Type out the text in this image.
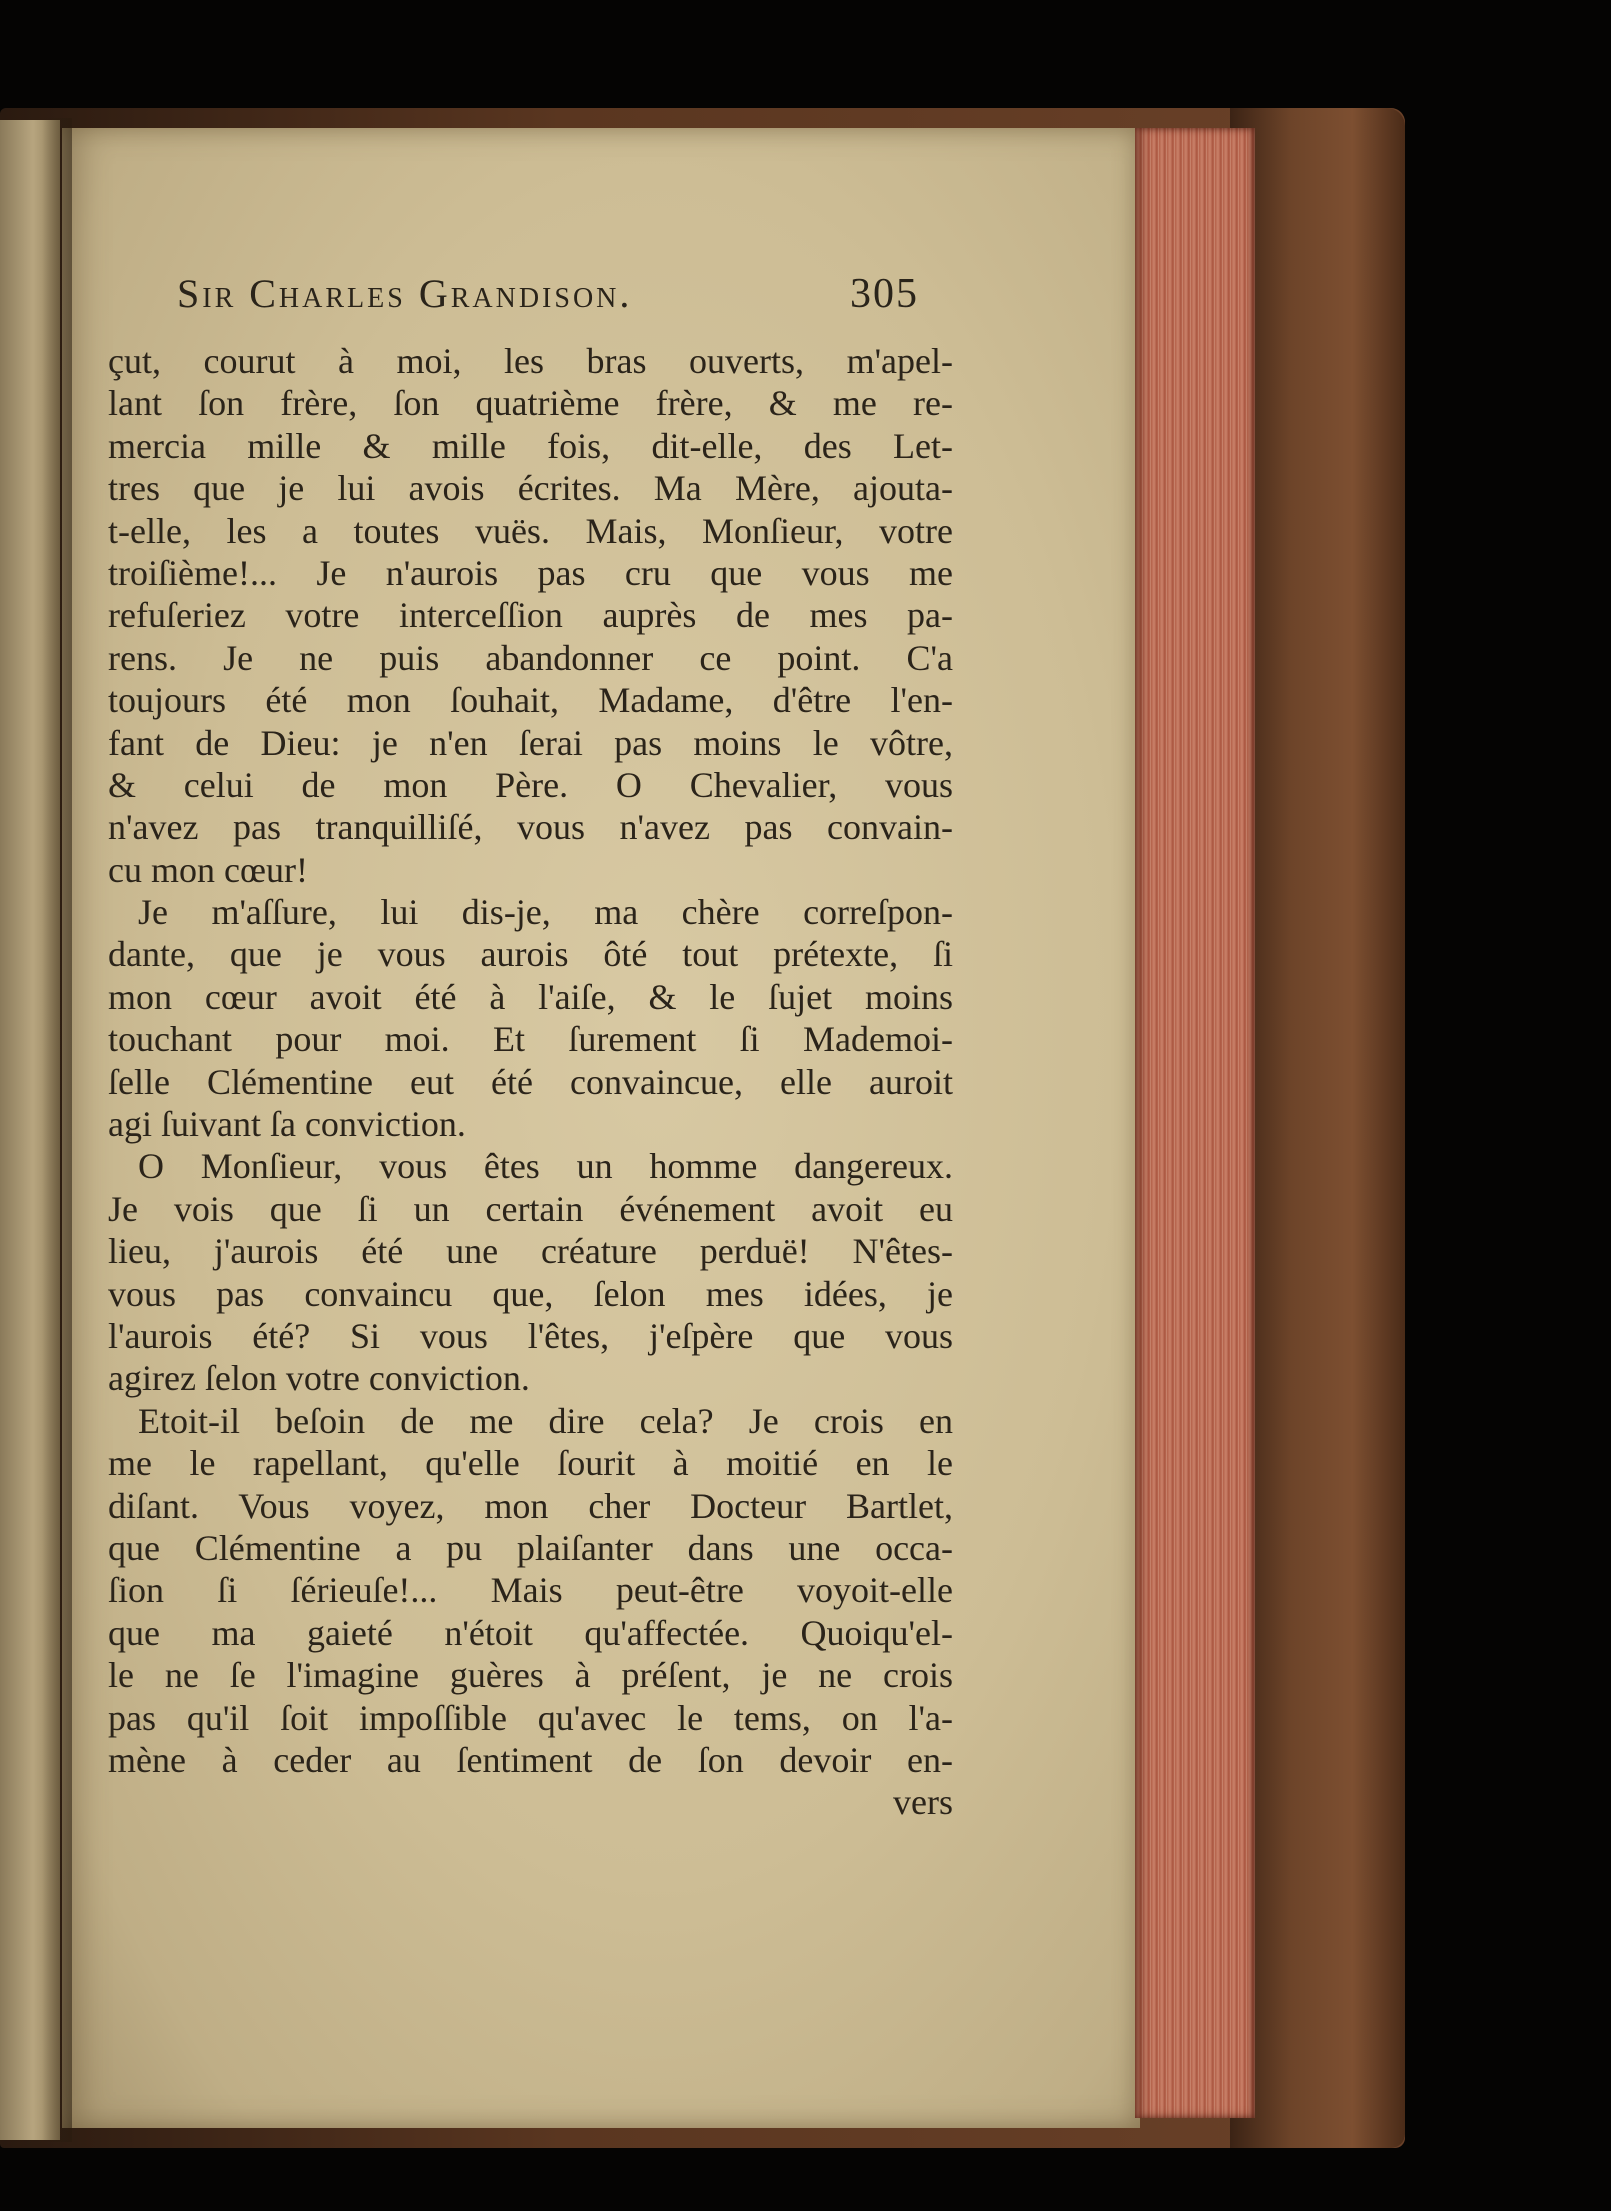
Sir Charles Grandison.	305
çut, courut à moi, les bras ouverts, m'apel-
lant ſon frère, ſon quatrième frère, & me re-
mercia mille & mille fois, dit-elle, des Let-
tres que je lui avois écrites. Ma Mère, ajouta-
t-elle, les a toutes vuës. Mais, Monſieur, votre
troiſième!... Je n'aurois pas cru que vous me
refuſeriez votre interceſſion auprès de mes pa-
rens. Je ne puis abandonner ce point. C'a
toujours été mon ſouhait, Madame, d'être l'en-
fant de Dieu: je n'en ſerai pas moins le vôtre,
& celui de mon Père. O Chevalier, vous
n'avez pas tranquilliſé, vous n'avez pas convain-
cu mon cœur!
Je m'aſſure, lui dis-je, ma chère correſpon-
dante, que je vous aurois ôté tout prétexte, ſi
mon cœur avoit été à l'aiſe, & le ſujet moins
touchant pour moi. Et ſurement ſi Mademoi-
ſelle Clémentine eut été convaincue, elle auroit
agi ſuivant ſa conviction.
O Monſieur, vous êtes un homme dangereux.
Je vois que ſi un certain événement avoit eu
lieu, j'aurois été une créature perduë! N'êtes-
vous pas convaincu que, ſelon mes idées, je
l'aurois été? Si vous l'êtes, j'eſpère que vous
agirez ſelon votre conviction.
Etoit-il beſoin de me dire cela? Je crois en
me le rapellant, qu'elle ſourit à moitié en le
diſant. Vous voyez, mon cher Docteur Bartlet,
que Clémentine a pu plaiſanter dans une occa-
ſion ſi ſérieuſe!... Mais peut-être voyoit-elle
que ma gaieté n'étoit qu'affectée. Quoiqu'el-
le ne ſe l'imagine guères à préſent, je ne crois
pas qu'il ſoit impoſſible qu'avec le tems, on l'a-
mène à ceder au ſentiment de ſon devoir en-
vers
